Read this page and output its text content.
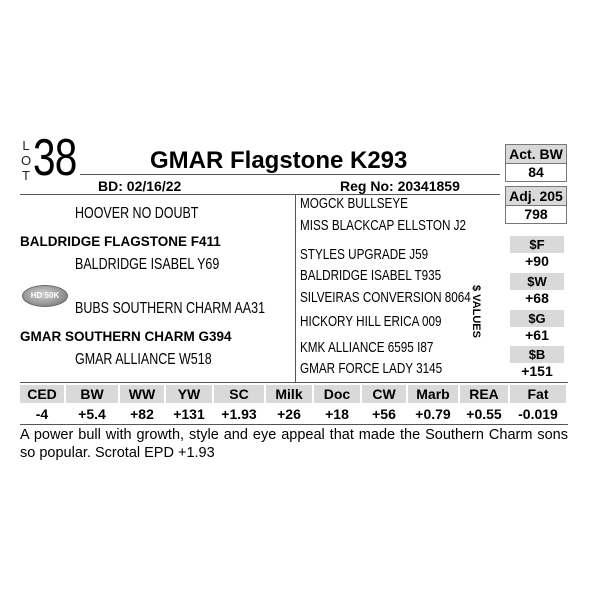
L
O
T 38	GMAR Flagstone K293
BD: 02/16/22	Reg No: 20341859
HOOVER NO DOUBT
BALDRIDGE FLAGSTONE F411
BALDRIDGE ISABEL Y69
HD 50K
BUBS SOUTHERN CHARM AA31
GMAR SOUTHERN CHARM G394
GMAR ALLIANCE W518
MOGCK BULLSEYE
MISS BLACKCAP ELLSTON J2
STYLES UPGRADE J59
BALDRIDGE ISABEL T935
SILVEIRAS CONVERSION 8064
HICKORY HILL ERICA 009
KMK ALLIANCE 6595 I87
GMAR FORCE LADY 3145
Act. BW
84
Adj. 205
798
$ VALUES
$F
+90
$W
+68
$G
+61
$B
+151
CED	BW	WW	YW	SC	Milk	Doc	CW	Marb	REA	Fat
-4	+5.4	+82	+131	+1.93	+26	+18	+56	+0.79	+0.55	-0.019
A power bull with growth, style and eye appeal that made the Southern Charm sons so popular. Scrotal EPD +1.93
